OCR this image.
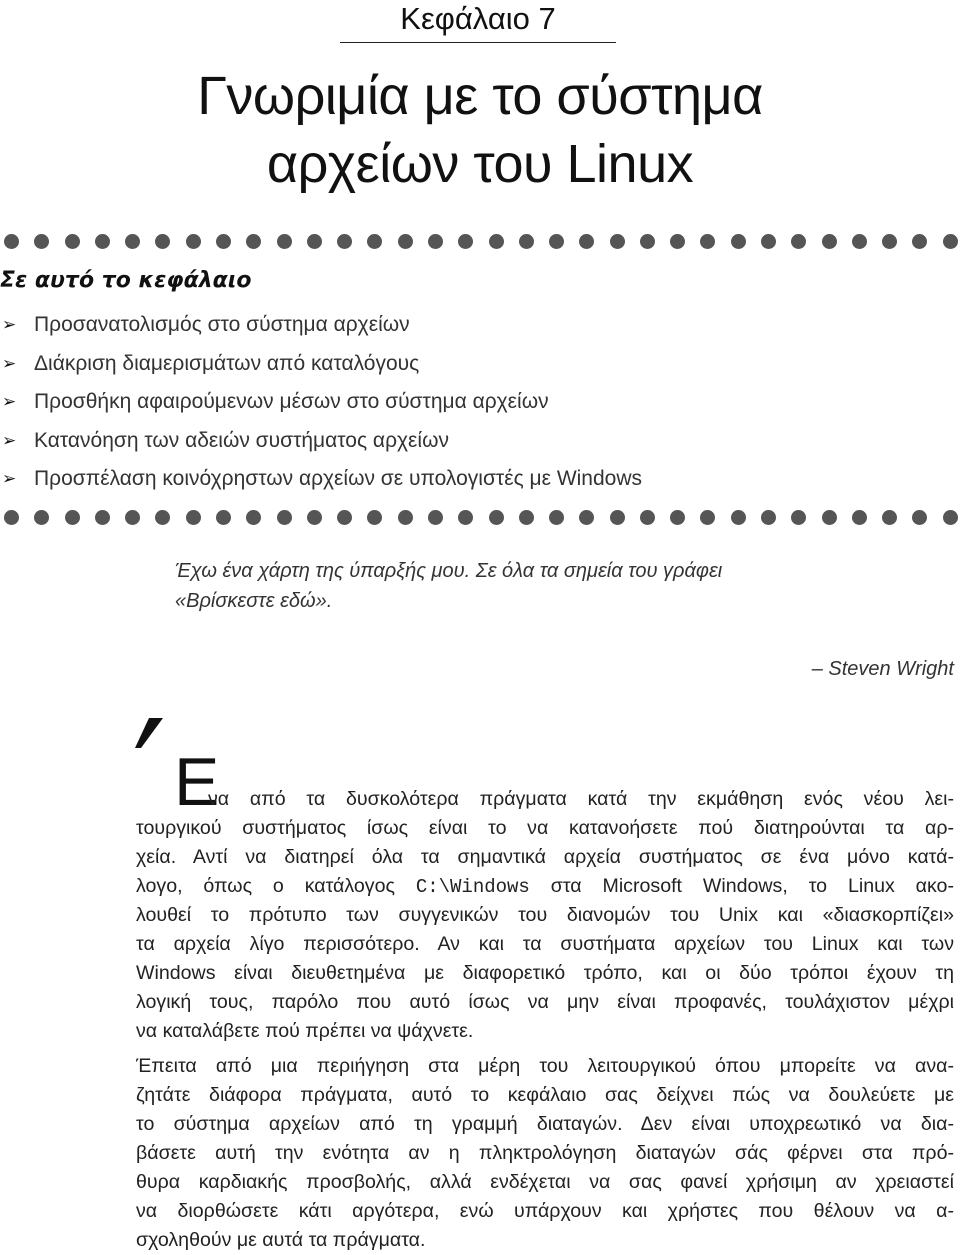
Κεφάλαιο 7
Γνωριμία με το σύστημα
αρχείων του Linux
Σε αυτό το κεφάλαιο
➢ Προσανατολισμός στο σύστημα αρχείων
➢ Διάκριση διαμερισμάτων από καταλόγους
➢ Προσθήκη αφαιρούμενων μέσων στο σύστημα αρχείων
➢ Κατανόηση των αδειών συστήματος αρχείων
➢ Προσπέλαση κοινόχρηστων αρχείων σε υπολογιστές με Windows
Έχω ένα χάρτη της ύπαρξής μου. Σε όλα τα σημεία του γράφει
«Βρίσκεστε εδώ».
– Steven Wright
Ε
να από τα δυσκολότερα πράγματα κατά την εκμάθηση ενός νέου λει-
τουργικού συστήματος ίσως είναι το να κατανοήσετε πού διατηρούνται τα αρ-
χεία. Αντί να διατηρεί όλα τα σημαντικά αρχεία συστήματος σε ένα μόνο κατά-
λογο, όπως ο κατάλογος C:\Windows στα Microsoft Windows, το Linux ακο-
λουθεί το πρότυπο των συγγενικών του διανομών του Unix και «διασκορπίζει»
τα αρχεία λίγο περισσότερο. Αν και τα συστήματα αρχείων του Linux και των
Windows είναι διευθετημένα με διαφορετικό τρόπο, και οι δύο τρόποι έχουν τη
λογική τους, παρόλο που αυτό ίσως να μην είναι προφανές, τουλάχιστον μέχρι
να καταλάβετε πού πρέπει να ψάχνετε.
Έπειτα από μια περιήγηση στα μέρη του λειτουργικού όπου μπορείτε να ανα-
ζητάτε διάφορα πράγματα, αυτό το κεφάλαιο σας δείχνει πώς να δουλεύετε με
το σύστημα αρχείων από τη γραμμή διαταγών. Δεν είναι υποχρεωτικό να δια-
βάσετε αυτή την ενότητα αν η πληκτρολόγηση διαταγών σάς φέρνει στα πρό-
θυρα καρδιακής προσβολής, αλλά ενδέχεται να σας φανεί χρήσιμη αν χρειαστεί
να διορθώσετε κάτι αργότερα, ενώ υπάρχουν και χρήστες που θέλουν να α-
σχοληθούν με αυτά τα πράγματα.
